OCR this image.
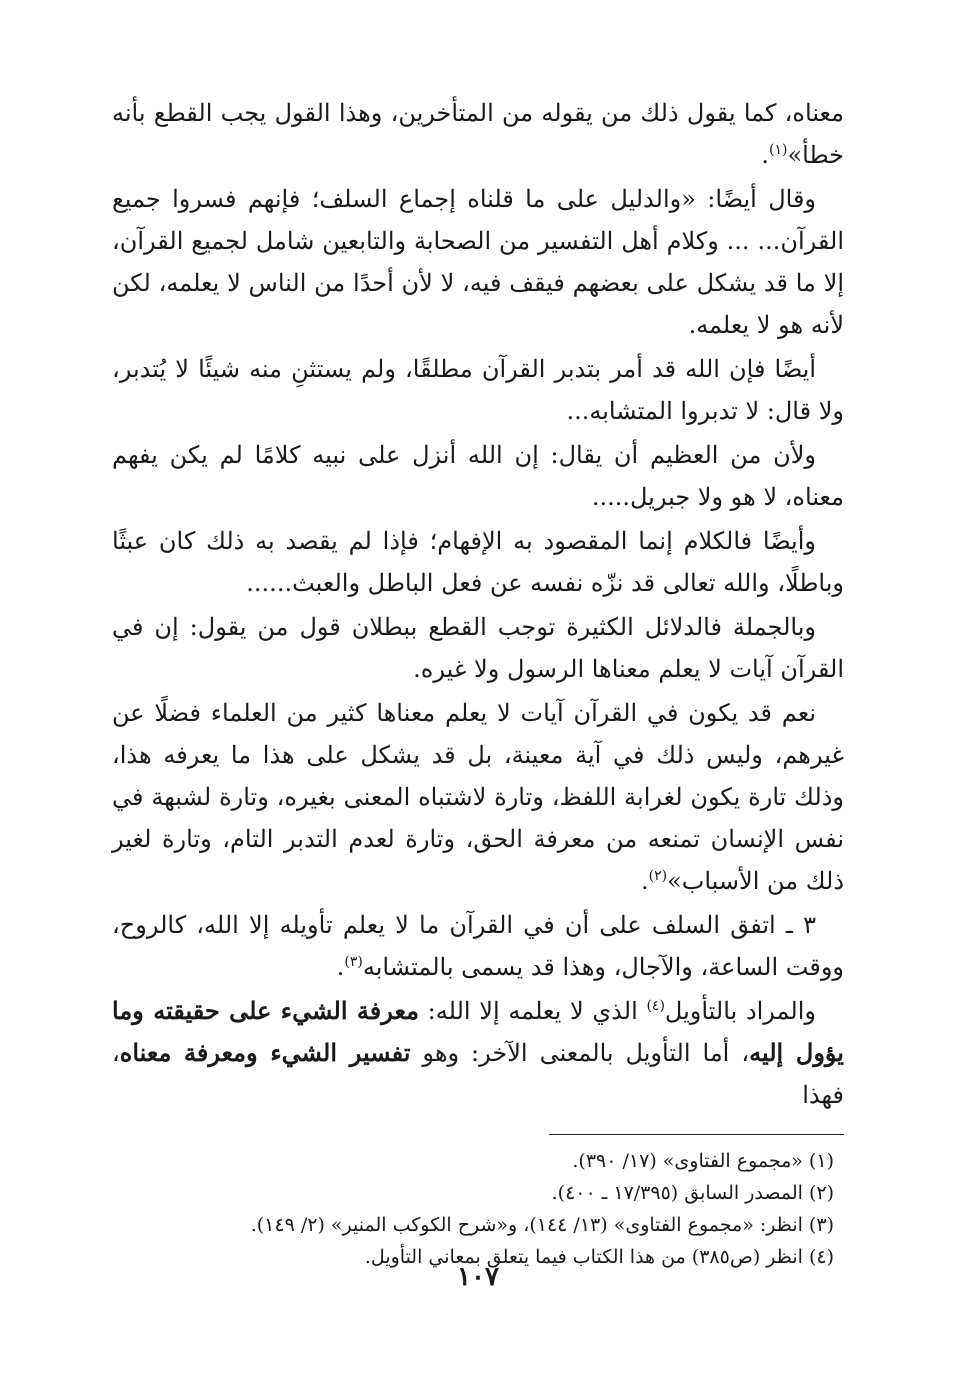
معناه، كما يقول ذلك من يقوله من المتأخرين، وهذا القول يجب القطع بأنه خطأ»$^{(١)}$.

وقال أيضًا: «والدليل على ما قلناه إجماع السلف؛ فإنهم فسروا جميع القرآن... ... وكلام أهل التفسير من الصحابة والتابعين شامل لجميع القرآن، إلا ما قد يشكل على بعضهم فيقف فيه، لا لأن أحدًا من الناس لا يعلمه، لكن لأنه هو لا يعلمه.

أيضًا فإن الله قد أمر بتدبر القرآن مطلقًا، ولم يستثنِ منه شيئًا لا يُتدبر، ولا قال: لا تدبروا المتشابه...

ولأن من العظيم أن يقال: إن الله أنزل على نبيه كلامًا لم يكن يفهم معناه، لا هو ولا جبريل.....

وأيضًا فالكلام إنما المقصود به الإفهام؛ فإذا لم يقصد به ذلك كان عبثًا وباطلًا، والله تعالى قد نزّه نفسه عن فعل الباطل والعبث......

وبالجملة فالدلائل الكثيرة توجب القطع ببطلان قول من يقول: إن في القرآن آيات لا يعلم معناها الرسول ولا غيره.

نعم قد يكون في القرآن آيات لا يعلم معناها كثير من العلماء فضلًا عن غيرهم، وليس ذلك في آية معينة، بل قد يشكل على هذا ما يعرفه هذا، وذلك تارة يكون لغرابة اللفظ، وتارة لاشتباه المعنى بغيره، وتارة لشبهة في نفس الإنسان تمنعه من معرفة الحق، وتارة لعدم التدبر التام، وتارة لغير ذلك من الأسباب»$^{(٢)}$.

٣ ـ اتفق السلف على أن في القرآن ما لا يعلم تأويله إلا الله، كالروح، ووقت الساعة، والآجال، وهذا قد يسمى بالمتشابه$^{(٣)}$.

والمراد بالتأويل$^{(٤)}$ الذي لا يعلمه إلا الله: معرفة الشيء على حقيقته وما يؤول إليه، أما التأويل بالمعنى الآخر: وهو تفسير الشيء ومعرفة معناه، فهذا

(١) «مجموع الفتاوى» (١٧/ ٣٩٠).
(٢) المصدر السابق (١٧/٣٩٥ ـ ٤٠٠).
(٣) انظر: «مجموع الفتاوى» (١٣/ ١٤٤)، و«شرح الكوكب المنير» (٢/ ١٤٩).
(٤) انظر (ص٣٨٥) من هذا الكتاب فيما يتعلق بمعاني التأويل.
١٠٧
